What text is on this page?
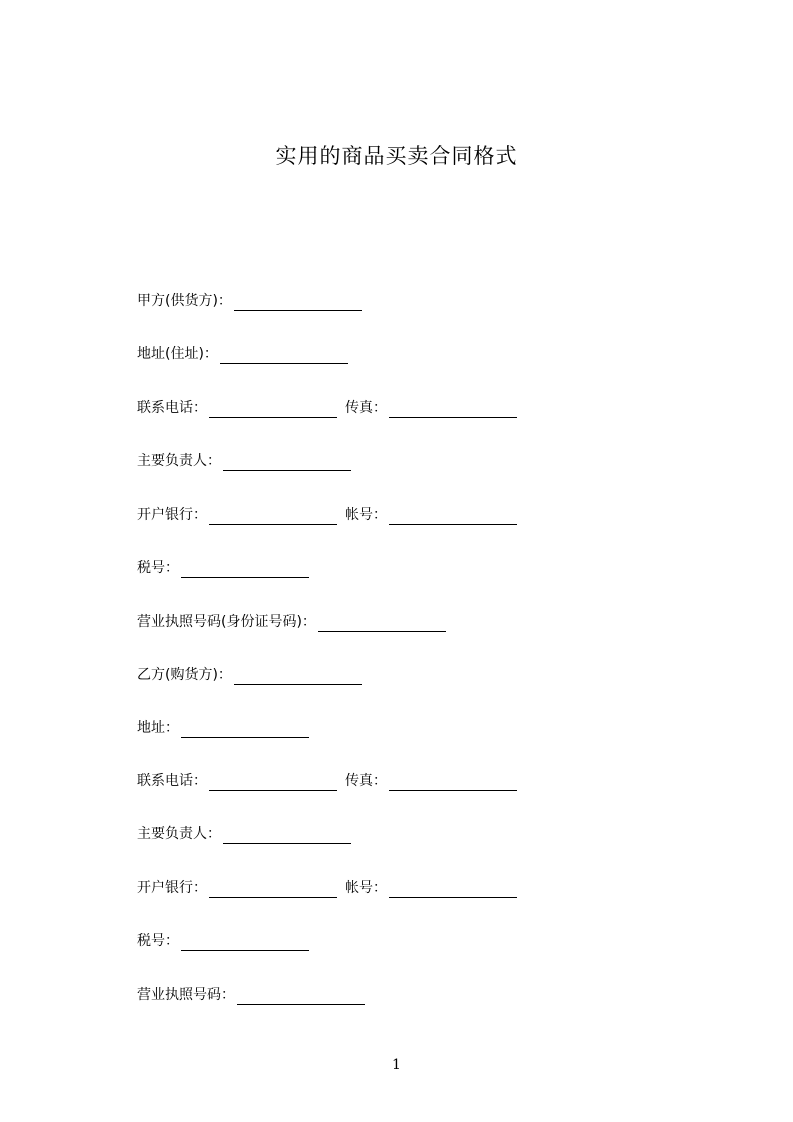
实用的商品买卖合同格式
甲方(供货方)：
地址(住址)：
联系电话：	传真：
主要负责人：
开户银行：	帐号：
税号：
营业执照号码(身份证号码)：
乙方(购货方)：
地址：
联系电话：	传真：
主要负责人：
开户银行：	帐号：
税号：
营业执照号码：
1
